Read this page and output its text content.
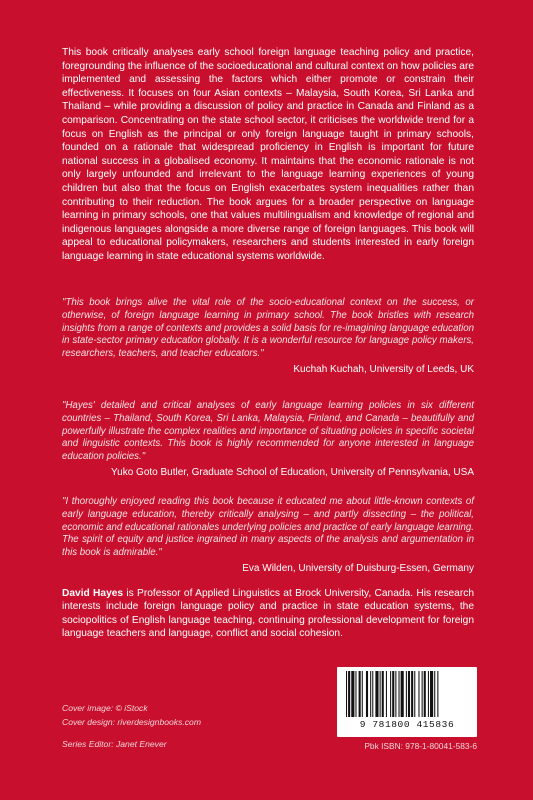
This book critically analyses early school foreign language teaching policy and practice, foregrounding the influence of the socioeducational and cultural context on how policies are implemented and assessing the factors which either promote or constrain their effectiveness. It focuses on four Asian contexts – Malaysia, South Korea, Sri Lanka and Thailand – while providing a discussion of policy and practice in Canada and Finland as a comparison. Concentrating on the state school sector, it criticises the worldwide trend for a focus on English as the principal or only foreign language taught in primary schools, founded on a rationale that widespread proficiency in English is important for future national success in a globalised economy. It maintains that the economic rationale is not only largely unfounded and irrelevant to the language learning experiences of young children but also that the focus on English exacerbates system inequalities rather than contributing to their reduction. The book argues for a broader perspective on language learning in primary schools, one that values multilingualism and knowledge of regional and indigenous languages alongside a more diverse range of foreign languages. This book will appeal to educational policymakers, researchers and students interested in early foreign language learning in state educational systems worldwide.

"This book brings alive the vital role of the socio-educational context on the success, or otherwise, of foreign language learning in primary school. The book bristles with research insights from a range of contexts and provides a solid basis for re-imagining language education in state-sector primary education globally. It is a wonderful resource for language policy makers, researchers, teachers, and teacher educators."

Kuchah Kuchah, University of Leeds, UK

"Hayes' detailed and critical analyses of early language learning policies in six different countries – Thailand, South Korea, Sri Lanka, Malaysia, Finland, and Canada – beautifully and powerfully illustrate the complex realities and importance of situating policies in specific societal and linguistic contexts. This book is highly recommended for anyone interested in language education policies."

Yuko Goto Butler, Graduate School of Education, University of Pennsylvania, USA

"I thoroughly enjoyed reading this book because it educated me about little-known contexts of early language education, thereby critically analysing – and partly dissecting – the political, economic and educational rationales underlying policies and practice of early language learning. The spirit of equity and justice ingrained in many aspects of the analysis and argumentation in this book is admirable."

Eva Wilden, University of Duisburg-Essen, Germany

David Hayes is Professor of Applied Linguistics at Brock University, Canada. His research interests include foreign language policy and practice in state education systems, the sociopolitics of English language teaching, continuing professional development for foreign language teachers and language, conflict and social cohesion.

Cover image: © iStock
Cover design: riverdesignbooks.com
Series Editor: Janet Enever
9 781800 415836
Pbk ISBN: 978-1-80041-583-6
